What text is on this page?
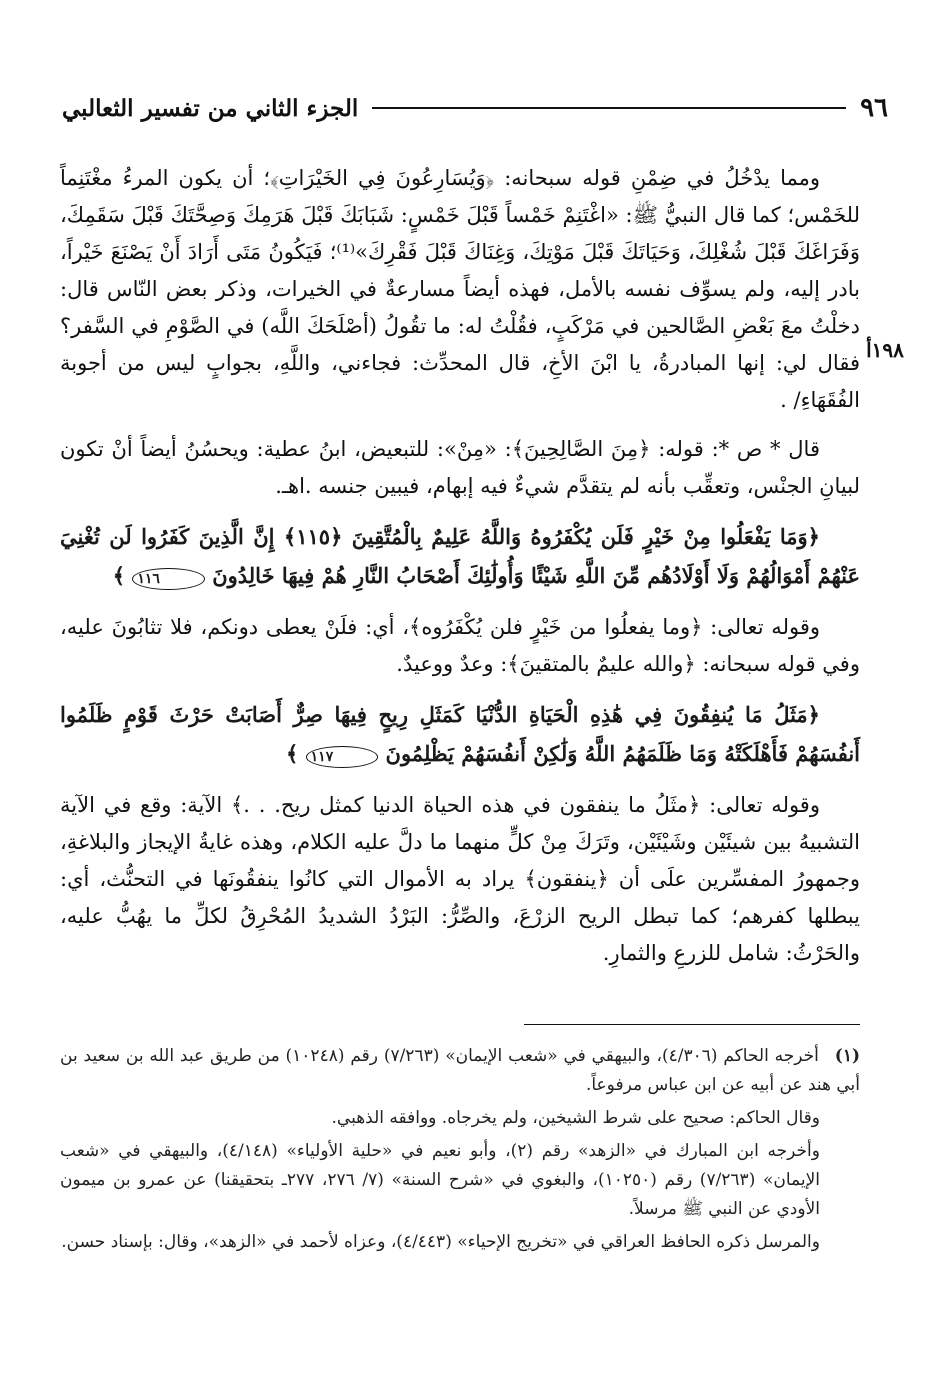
٩٦
الجزء الثاني من تفسير الثعالبي
١٩٨أ

ومما يدْخُلُ في ضِمْنِ قوله سبحانه: ﴿وَيُسَارِعُونَ فِي الخَيْرَاتِ﴾؛ أن يكون المرءُ مغْتَنِماً للخَمْس؛ كما قال النبيُّ ﷺ: «اغْتَنِمْ خَمْساً قَبْلَ خَمْسٍ: شَبَابَكَ قَبْلَ هَرَمِكَ وَصِحَّتَكَ قَبْلَ سَقَمِكَ، وَفَرَاغَكَ قَبْلَ شُغْلِكَ، وَحَيَاتَكَ قَبْلَ مَوْتِكَ، وَغِنَاكَ قَبْلَ فَقْرِكَ»⁽¹⁾؛ فَيَكُونُ مَتَى أَرَادَ أَنْ يَصْنَعَ خَيْراً، بادر إليه، ولم يسوِّف نفسه بالأمل، فهذه أيضاً مسارعةٌ في الخيرات، وذكر بعض النّاس قال: دخلْتُ معَ بَعْضِ الصَّالحين في مَرْكَبٍ، فقُلْتُ له: ما تقُولُ (أصْلَحَكَ اللَّه) في الصَّوْمِ في السَّفر؟ فقال لي: إنها المبادرةُ، يا ابْنَ الأخِ، قال المحدِّث: فجاءني، واللَّهِ، بجوابٍ ليس من أجوبة الفُقَهَاءِ/ .

قال * ص *: قوله: ﴿مِنَ الصَّالِحِينَ﴾: «مِنْ»: للتبعيض، ابنُ عطية: ويحسُنُ أيضاً أنْ تكون لبيانِ الجنْس، وتعقِّب بأنه لم يتقدَّم شيءٌ فيه إبهام، فيبين جنسه .اهـ.

﴿وَمَا يَفْعَلُوا مِنْ خَيْرٍ فَلَن يُكْفَرُوهُ وَاللَّهُ عَلِيمٌ بِالْمُتَّقِينَ ﴿١١٥﴾ إِنَّ الَّذِينَ كَفَرُوا لَن تُغْنِيَ عَنْهُمْ أَمْوَالُهُمْ وَلَا أَوْلَادُهُم مِّنَ اللَّهِ شَيْئًا وَأُولَٰئِكَ أَصْحَابُ النَّارِ هُمْ فِيهَا خَالِدُونَ ١١٦ ﴾

وقوله تعالى: ﴿وما يفعلُوا من خَيْرٍ فلن يُكْفَرُوه﴾، أي: فلَنْ يعطى دونكم، فلا تثابُونَ عليه، وفي قوله سبحانه: ﴿والله عليمٌ بالمتقينَ﴾: وعدٌ ووعيدٌ.

﴿مَثَلُ مَا يُنفِقُونَ فِي هَٰذِهِ الْحَيَاةِ الدُّنْيَا كَمَثَلِ رِيحٍ فِيهَا صِرٌّ أَصَابَتْ حَرْثَ قَوْمٍ ظَلَمُوا أَنفُسَهُمْ فَأَهْلَكَتْهُ وَمَا ظَلَمَهُمُ اللَّهُ وَلَٰكِنْ أَنفُسَهُمْ يَظْلِمُونَ ١١٧ ﴾

وقوله تعالى: ﴿مثَلُ ما ينفقون في هذه الحياة الدنيا كمثل ريح. . .﴾ الآية: وقع في الآية التشبيهُ بين شيئَيْن وشَيْئَيْن، وتَرَكَ مِنْ كلٍّ منهما ما دلَّ عليه الكلام، وهذه غايةُ الإيجاز والبلاغةِ، وجمهورُ المفسِّرين علَى أن ﴿ينفقون﴾ يراد به الأموال التي كانُوا ينفقُونَها في التحنُّث، أي: يبطلها كفرهم؛ كما تبطل الريح الزرْعَ، والصِّرُّ: البَرْدُ الشديدُ المُحْرِقُ لكلِّ ما يهُبُّ عليه، والحَرْثُ: شامل للزرعِ والثمارِ.

(١) أخرجه الحاكم (٤/٣٠٦)، والبيهقي في «شعب الإيمان» (٧/٢٦٣) رقم (١٠٢٤٨) من طريق عبد الله بن سعيد بن أبي هند عن أبيه عن ابن عباس مرفوعاً.

وقال الحاكم: صحيح على شرط الشيخين، ولم يخرجاه. ووافقه الذهبي.

وأخرجه ابن المبارك في «الزهد» رقم (٢)، وأبو نعيم في «حلية الأولياء» (٤/١٤٨)، والبيهقي في «شعب الإيمان» (٧/٢٦٣) رقم (١٠٢٥٠)، والبغوي في «شرح السنة» (٧/ ٢٧٦، ٢٧٧ـ بتحقيقنا) عن عمرو بن ميمون الأودي عن النبي ﷺ مرسلاً.

والمرسل ذكره الحافظ العراقي في «تخريج الإحياء» (٤/٤٤٣)، وعزاه لأحمد في «الزهد»، وقال: بإسناد حسن.
